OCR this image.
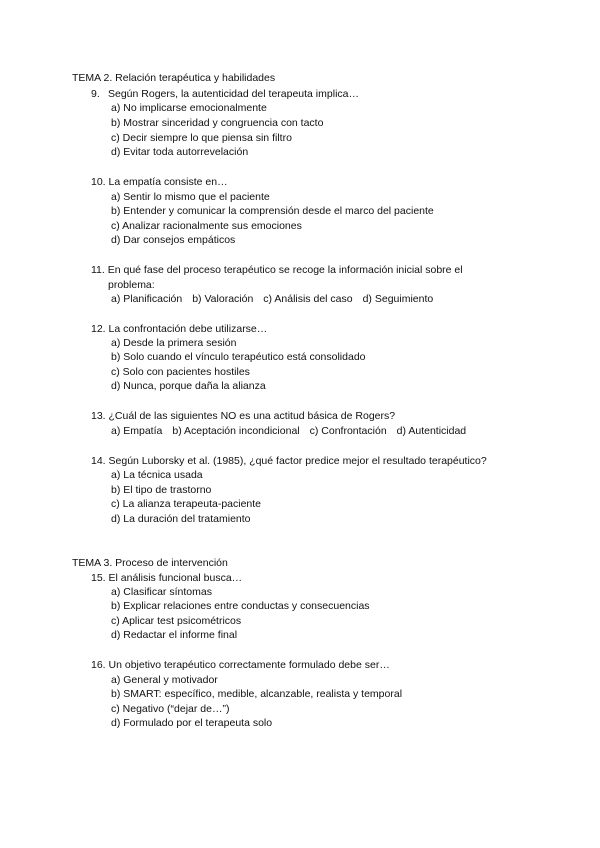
TEMA 2. Relación terapéutica y habilidades
9. Según Rogers, la autenticidad del terapeuta implica…
a) No implicarse emocionalmente
b) Mostrar sinceridad y congruencia con tacto
c) Decir siempre lo que piensa sin filtro
d) Evitar toda autorrevelación
10. La empatía consiste en…
a) Sentir lo mismo que el paciente
b) Entender y comunicar la comprensión desde el marco del paciente
c) Analizar racionalmente sus emociones
d) Dar consejos empáticos
11. En qué fase del proceso terapéutico se recoge la información inicial sobre el
problema:
a) Planificación b) Valoración c) Análisis del caso d) Seguimiento
12. La confrontación debe utilizarse…
a) Desde la primera sesión
b) Solo cuando el vínculo terapéutico está consolidado
c) Solo con pacientes hostiles
d) Nunca, porque daña la alianza
13. ¿Cuál de las siguientes NO es una actitud básica de Rogers?
a) Empatía b) Aceptación incondicional c) Confrontación d) Autenticidad
14. Según Luborsky et al. (1985), ¿qué factor predice mejor el resultado terapéutico?
a) La técnica usada
b) El tipo de trastorno
c) La alianza terapeuta-paciente
d) La duración del tratamiento
TEMA 3. Proceso de intervención
15. El análisis funcional busca…
a) Clasificar síntomas
b) Explicar relaciones entre conductas y consecuencias
c) Aplicar test psicométricos
d) Redactar el informe final
16. Un objetivo terapéutico correctamente formulado debe ser…
a) General y motivador
b) SMART: específico, medible, alcanzable, realista y temporal
c) Negativo (“dejar de…”)
d) Formulado por el terapeuta solo
